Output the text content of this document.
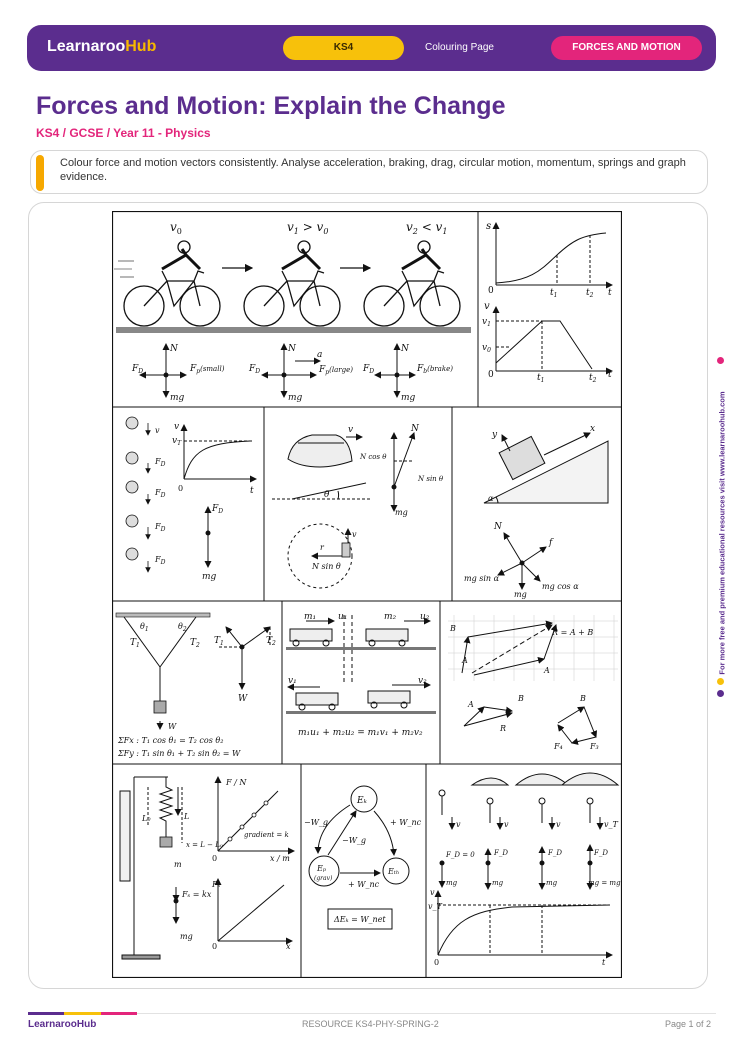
LearnarooHub	KS4	Colouring Page	FORCES AND MOTION
Forces and Motion: Explain the Change
KS4 / GCSE / Year 11 - Physics
Colour force and motion vectors consistently. Analyse acceleration, braking, drag, circular motion, momentum, springs and graph evidence.
$v_0$	$v_1 > v_0$	$v_2 < v_1$
N	N	N
a
$F_D$	$F_D$	$F_D$
$F_p^{(small)}$	$F_p^{(large)}$	$F_b^{(brake)}$
mg	mg	mg
s
0	$t_1$	$t_2$ t
v
$v_1$
$v_0$
0	$t_1$	$t_2$
t
v
$F_D$
$F_D$
$F_D$
$F_D$
v
$v_T$
0	t
$F_D$
mg
v	N
N cos θ
N sin θ
mg
θ
r
v
N sin θ
y
x
α
N
f
mg sin α
mg cos α
mg
$\theta_1$	$\theta_2$
$T_1$	$T_2$ $T_1$	$T_2$
W
W
ΣFx : T₁ cos θ₁ = T₂ cos θ₂
ΣFy : T₁ sin θ₁ + T₂ sin θ₂ = W
m₁ u₁	m₂	u₂
v₁	v₂
m₁u₁ + m₂u₂ = m₁v₁ + m₂v₂
R = A + B
B
A
A
A
B
R
B
F₄	F₃
L₀	L
x = L − L₀
m
F / N
gradient = k
0	x / m
Fₛ = kx
mg
Fₛ
0	x
Eₖ
Eₚ
(grav)
Eₜₕ
−W_g
−W_g
+ W_nc
+ W_nc
ΔEₖ = W_net
v	v	v	v_T
F_D = 0	F_D	F_D	F_D
mg	mg	mg	mg = mg
v
v_T
0	t
For more free and premium educational resources visit www.learnaroohub.com
LearnarooHub	RESOURCE KS4-PHY-SPRING-2	Page 1 of 2
